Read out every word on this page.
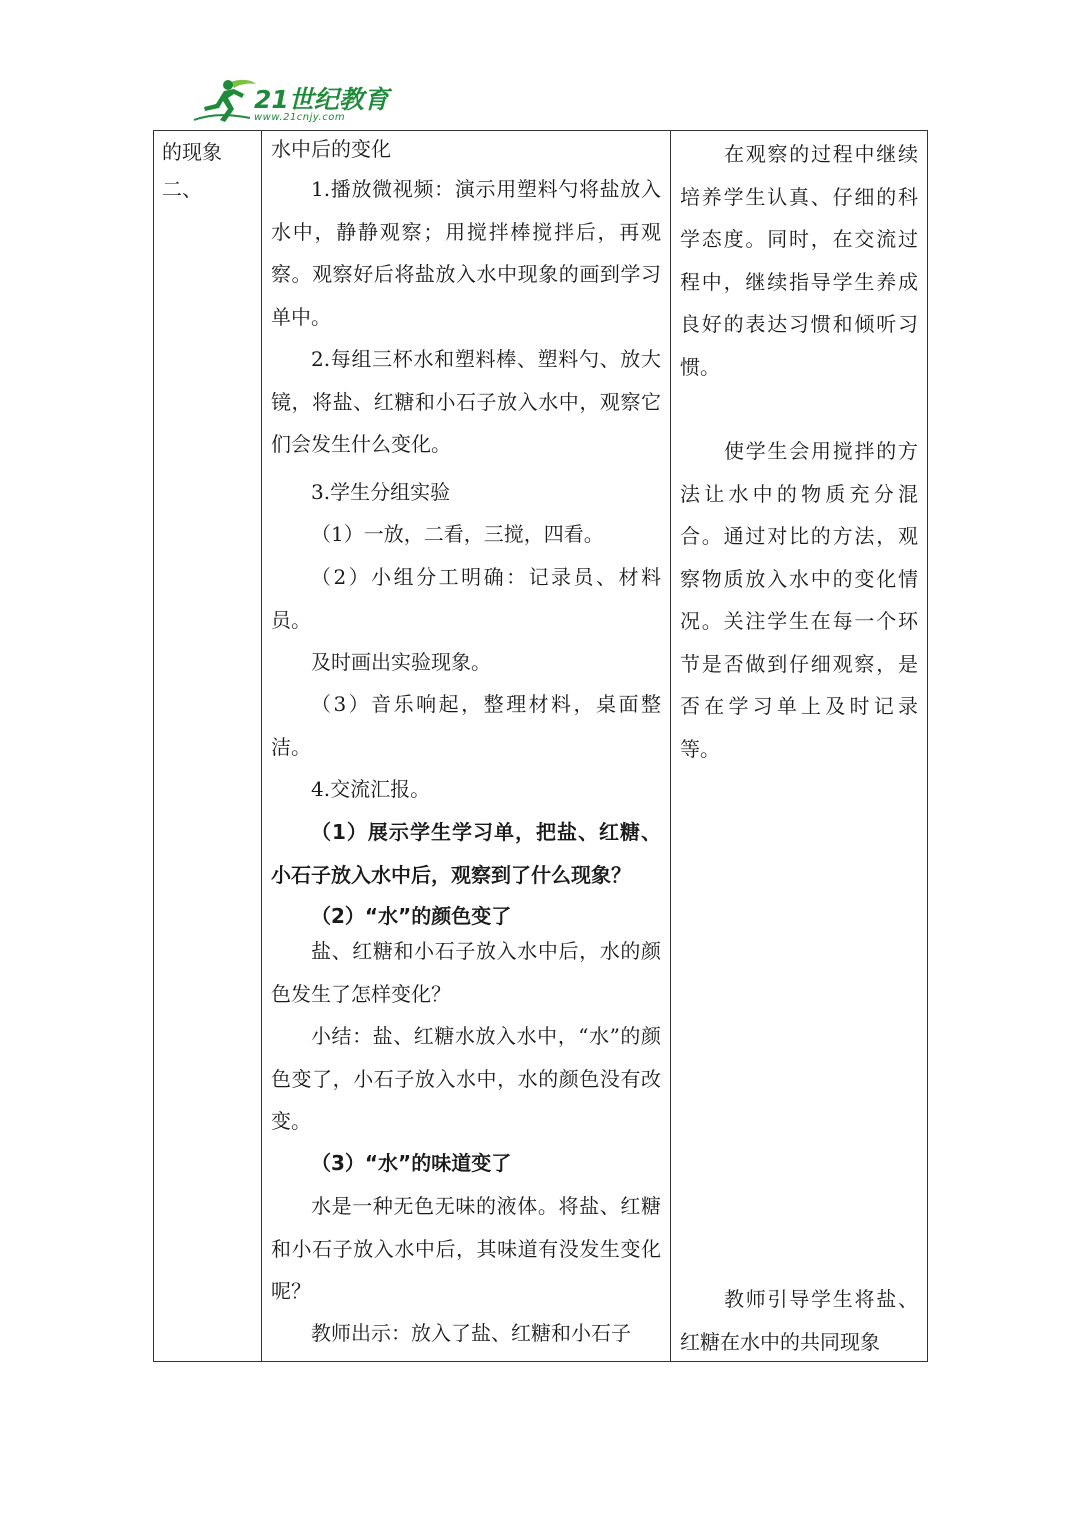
21世纪教育
www.21cnjy.com

的现象

二、

水中后的变化

1.播放微视频：演示用塑料勺将盐放入水中，静静观察；用搅拌棒搅拌后，再观察。观察好后将盐放入水中现象的画到学习单中。

2.每组三杯水和塑料棒、塑料勺、放大镜，将盐、红糖和小石子放入水中，观察它们会发生什么变化。

3.学生分组实验

（1）一放，二看，三搅，四看。

（2）小组分工明确：记录员、材料员。

及时画出实验现象。

（3）音乐响起，整理材料，桌面整洁。

4.交流汇报。

（1）展示学生学习单，把盐、红糖、小石子放入水中后，观察到了什么现象？

（2）“水”的颜色变了

盐、红糖和小石子放入水中后，水的颜色发生了怎样变化？

小结：盐、红糖水放入水中，“水”的颜色变了，小石子放入水中，水的颜色没有改变。

（3）“水”的味道变了

水是一种无色无味的液体。将盐、红糖和小石子放入水中后，其味道有没发生变化呢？

教师出示：放入了盐、红糖和小石子

在观察的过程中继续培养学生认真、仔细的科学态度。同时，在交流过程中，继续指导学生养成良好的表达习惯和倾听习惯。

使学生会用搅拌的方法让水中的物质充分混合。通过对比的方法，观察物质放入水中的变化情况。关注学生在每一个环节是否做到仔细观察，是否在学习单上及时记录等。

教师引导学生将盐、红糖在水中的共同现象
